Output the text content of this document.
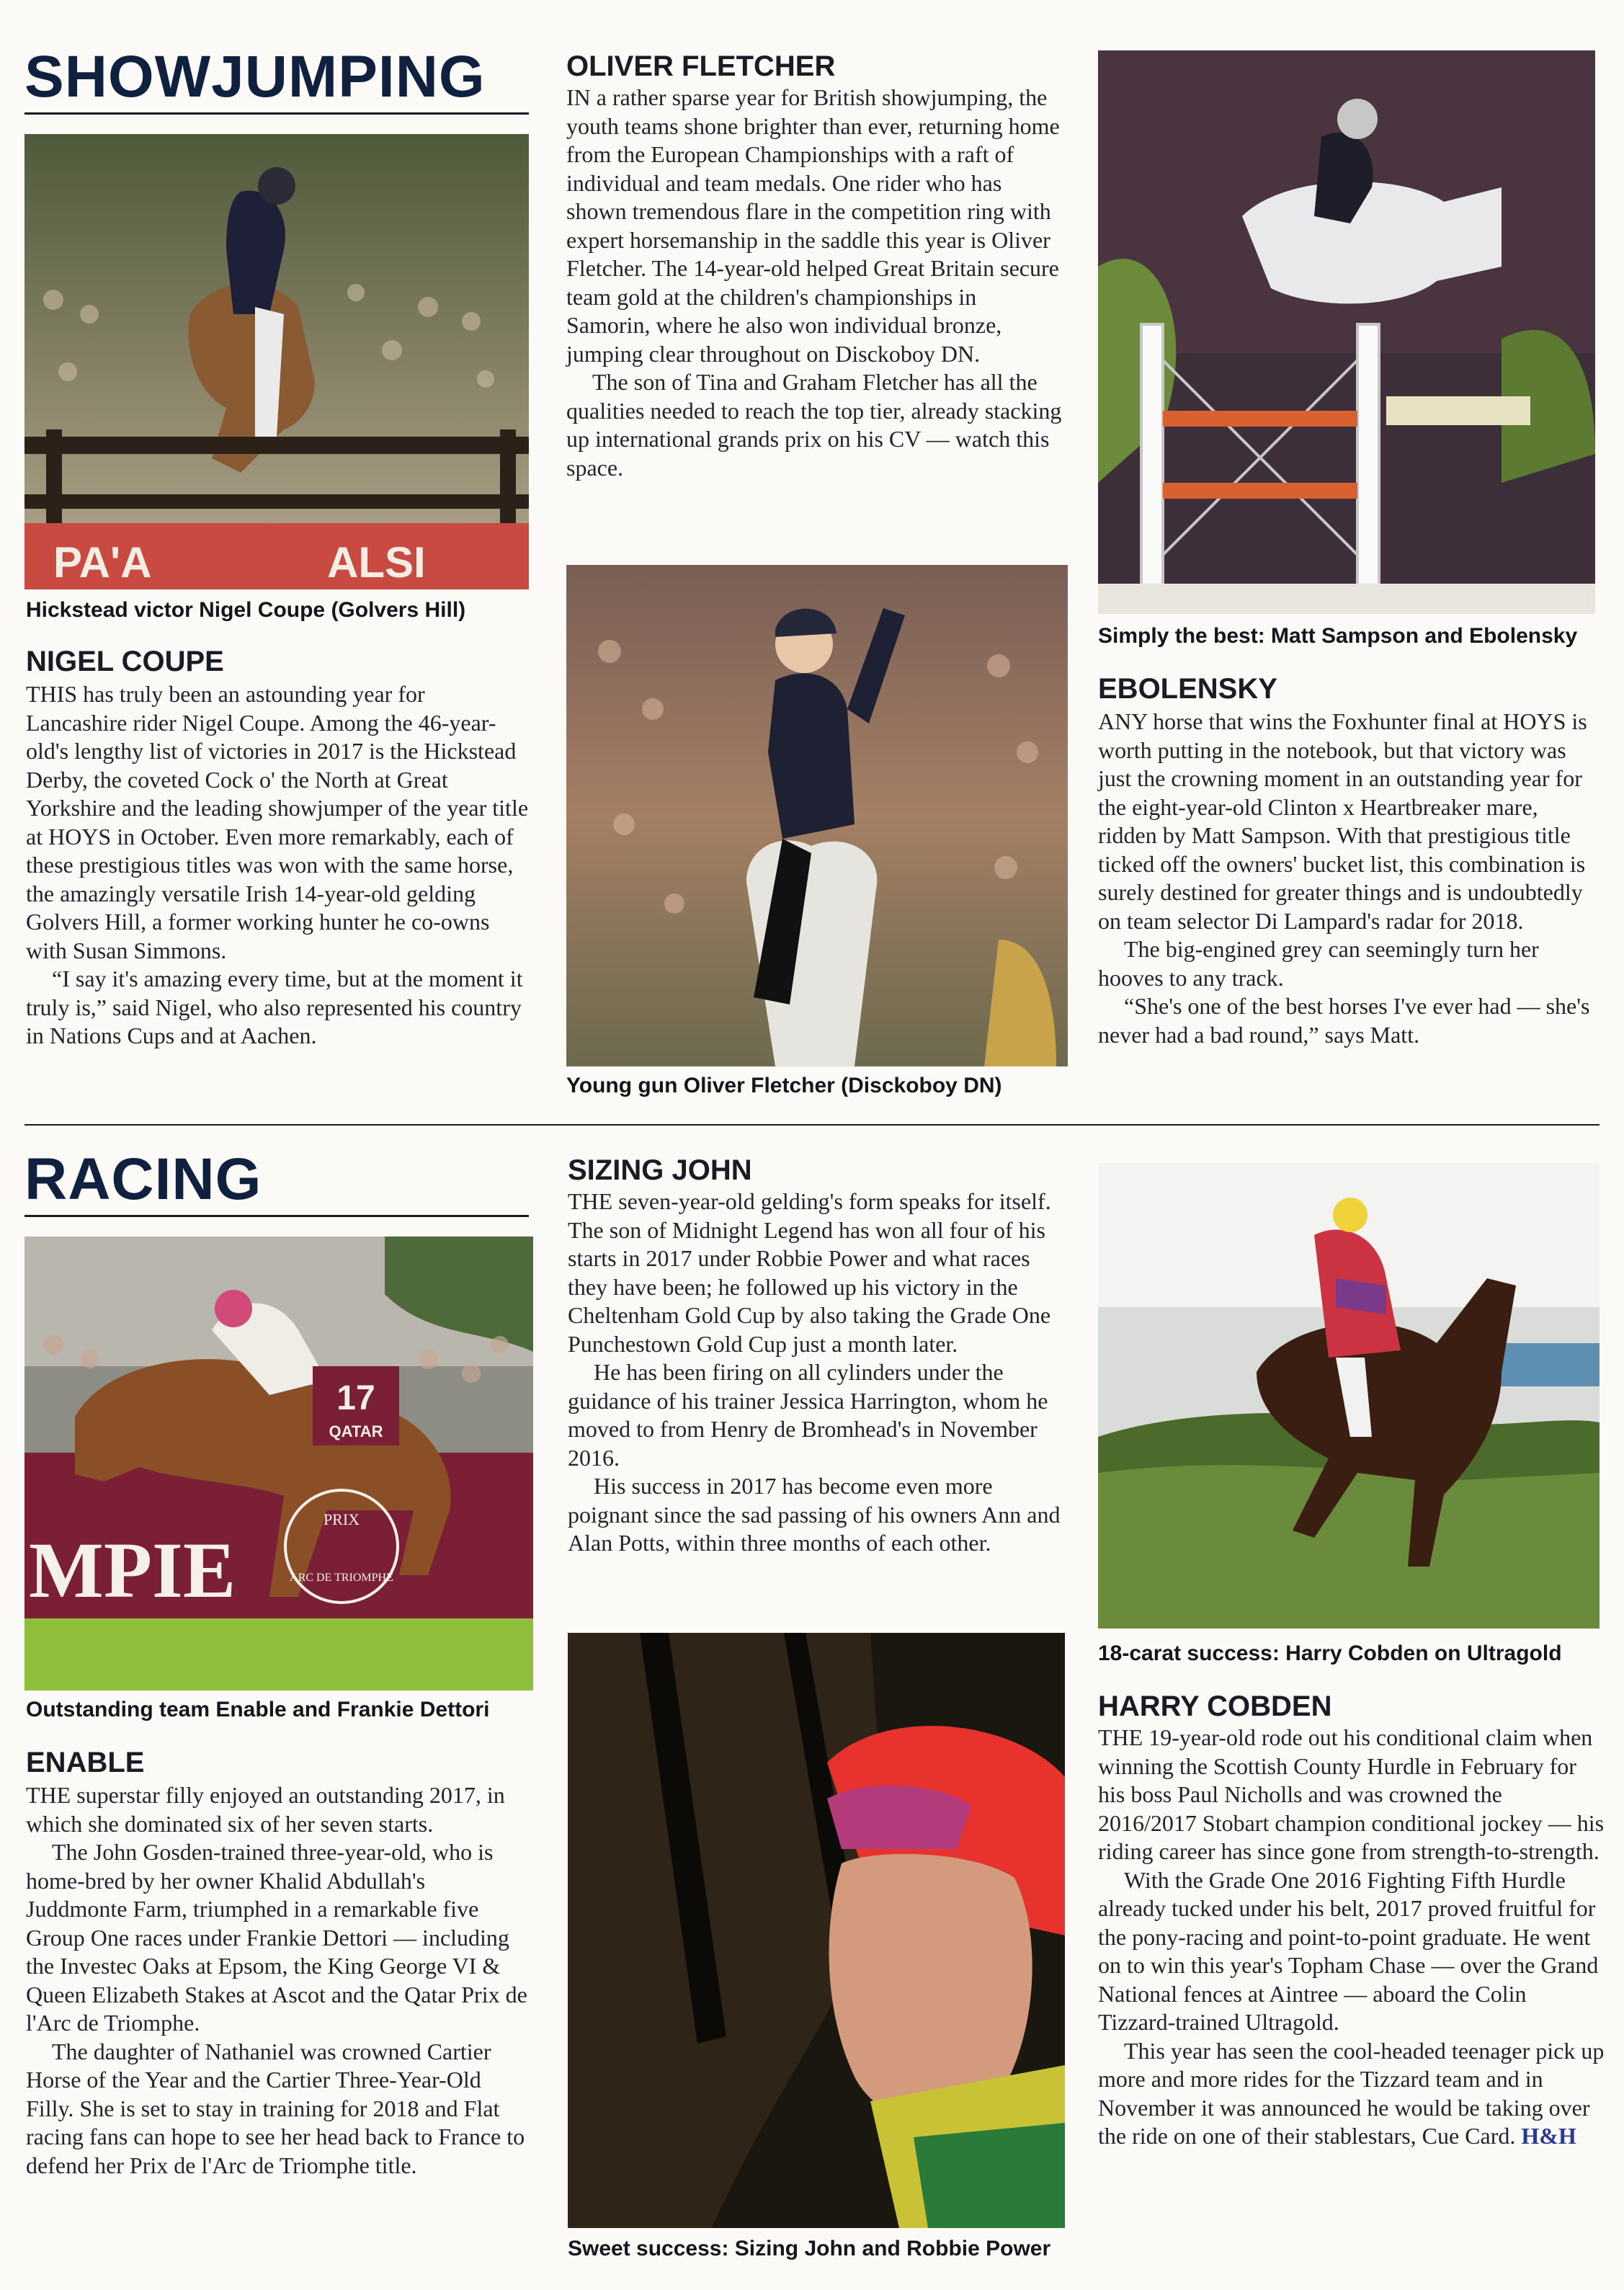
SHOWJUMPING
PA'A	ALSI
Hickstead victor Nigel Coupe (Golvers Hill)
NIGEL COUPE

THIS has truly been an astounding year for Lancashire rider Nigel Coupe. Among the 46-year-old's lengthy list of victories in 2017 is the Hickstead Derby, the coveted Cock o' the North at Great Yorkshire and the leading showjumper of the year title at HOYS in October. Even more remarkably, each of these prestigious titles was won with the same horse, the amazingly versatile Irish 14-year-old gelding Golvers Hill, a former working hunter he co-owns with Susan Simmons.

“I say it's amazing every time, but at the moment it truly is,” said Nigel, who also represented his country in Nations Cups and at Aachen.

OLIVER FLETCHER

IN a rather sparse year for British showjumping, the youth teams shone brighter than ever, returning home from the European Championships with a raft of individual and team medals. One rider who has shown tremendous flare in the competition ring with expert horsemanship in the saddle this year is Oliver Fletcher. The 14-year-old helped Great Britain secure team gold at the children's championships in Samorin, where he also won individual bronze, jumping clear throughout on Disckoboy DN.

The son of Tina and Graham Fletcher has all the qualities needed to reach the top tier, already stacking up international grands prix on his CV — watch this space.

Young gun Oliver Fletcher (Disckoboy DN)
Simply the best: Matt Sampson and Ebolensky
EBOLENSKY

ANY horse that wins the Foxhunter final at HOYS is worth putting in the notebook, but that victory was just the crowning moment in an outstanding year for the eight-year-old Clinton x Heartbreaker mare, ridden by Matt Sampson. With that prestigious title ticked off the owners' bucket list, this combination is surely destined for greater things and is undoubtedly on team selector Di Lampard's radar for 2018.

The big-engined grey can seemingly turn her hooves to any track.

“She's one of the best horses I've ever had — she's never had a bad round,” says Matt.

RACING
17
QATAR
MPIE
PRIX
ARC DE TRIOMPHE
Outstanding team Enable and Frankie Dettori
ENABLE

THE superstar filly enjoyed an outstanding 2017, in which she dominated six of her seven starts.

The John Gosden-trained three-year-old, who is home-bred by her owner Khalid Abdullah's Juddmonte Farm, triumphed in a remarkable five Group One races under Frankie Dettori — including the Investec Oaks at Epsom, the King George VI & Queen Elizabeth Stakes at Ascot and the Qatar Prix de l'Arc de Triomphe.

The daughter of Nathaniel was crowned Cartier Horse of the Year and the Cartier Three-Year-Old Filly. She is set to stay in training for 2018 and Flat racing fans can hope to see her head back to France to defend her Prix de l'Arc de Triomphe title.

SIZING JOHN

THE seven-year-old gelding's form speaks for itself. The son of Midnight Legend has won all four of his starts in 2017 under Robbie Power and what races they have been; he followed up his victory in the Cheltenham Gold Cup by also taking the Grade One Punchestown Gold Cup just a month later.

He has been firing on all cylinders under the guidance of his trainer Jessica Harrington, whom he moved to from Henry de Bromhead's in November 2016.

His success in 2017 has become even more poignant since the sad passing of his owners Ann and Alan Potts, within three months of each other.

Sweet success: Sizing John and Robbie Power
18-carat success: Harry Cobden on Ultragold
HARRY COBDEN

THE 19-year-old rode out his conditional claim when winning the Scottish County Hurdle in February for his boss Paul Nicholls and was crowned the 2016/2017 Stobart champion conditional jockey — his riding career has since gone from strength-to-strength.

With the Grade One 2016 Fighting Fifth Hurdle already tucked under his belt, 2017 proved fruitful for the pony-racing and point-to-point graduate. He went on to win this year's Topham Chase — over the Grand National fences at Aintree — aboard the Colin Tizzard-trained Ultragold.

This year has seen the cool-headed teenager pick up more and more rides for the Tizzard team and in November it was announced he would be taking over the ride on one of their stablestars, Cue Card. H&H
